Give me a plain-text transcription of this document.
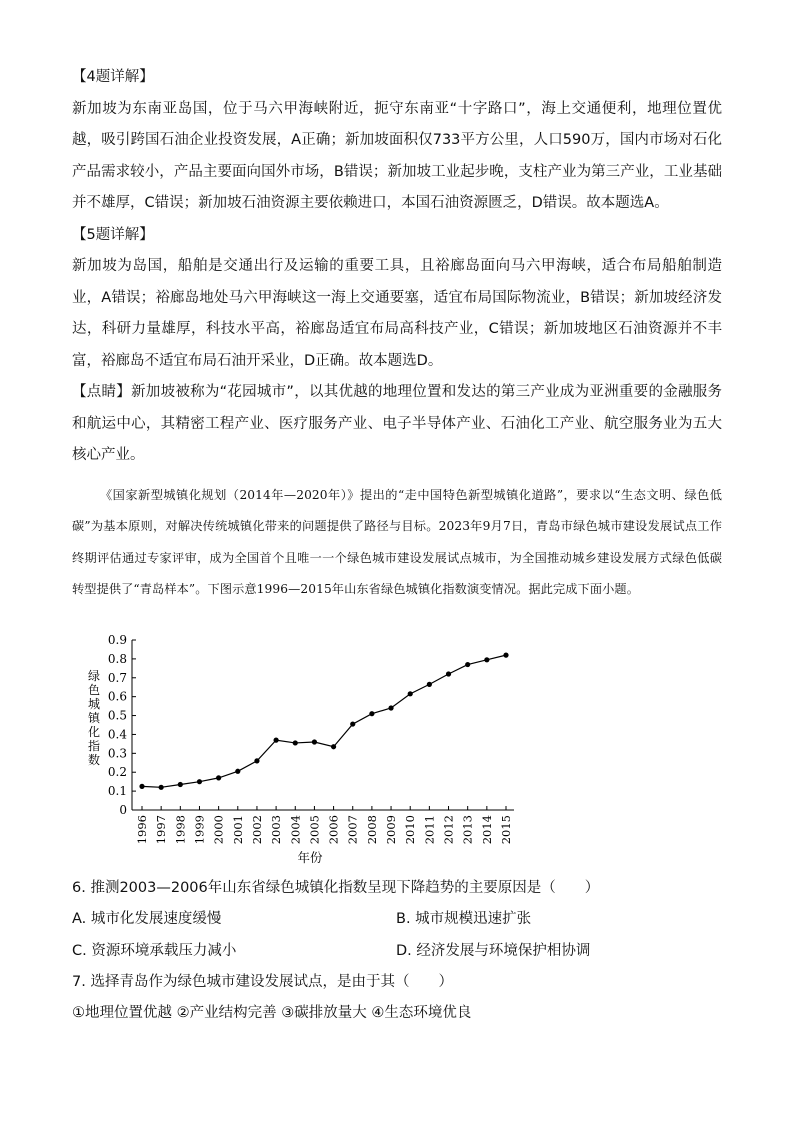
【4题详解】

新加坡为东南亚岛国，位于马六甲海峡附近，扼守东南亚“十字路口”，海上交通便利，地理位置优越，吸引跨国石油企业投资发展，A正确；新加坡面积仅733平方公里，人口590万，国内市场对石化产品需求较小，产品主要面向国外市场，B错误；新加坡工业起步晚，支柱产业为第三产业，工业基础并不雄厚，C错误；新加坡石油资源主要依赖进口，本国石油资源匮乏，D错误。故本题选A。

【5题详解】

新加坡为岛国，船舶是交通出行及运输的重要工具，且裕廊岛面向马六甲海峡，适合布局船舶制造业，A错误；裕廊岛地处马六甲海峡这一海上交通要塞，适宜布局国际物流业，B错误；新加坡经济发达，科研力量雄厚，科技水平高，裕廊岛适宜布局高科技产业，C错误；新加坡地区石油资源并不丰富，裕廊岛不适宜布局石油开采业，D正确。故本题选D。

【点睛】新加坡被称为“花园城市”，以其优越的地理位置和发达的第三产业成为亚洲重要的金融服务和航运中心，其精密工程产业、医疗服务产业、电子半导体产业、石油化工产业、航空服务业为五大核心产业。

《国家新型城镇化规划（2014年—2020年）》提出的“走中国特色新型城镇化道路”，要求以“生态文明、绿色低碳”为基本原则，对解决传统城镇化带来的问题提供了路径与目标。2023年9月7日，青岛市绿色城市建设发展试点工作终期评估通过专家评审，成为全国首个且唯一一个绿色城市建设发展试点城市，为全国推动城乡建设发展方式绿色低碳转型提供了“青岛样本”。下图示意1996—2015年山东省绿色城镇化指数演变情况。据此完成下面小题。

0
0.1
0.2
0.3
0.4
0.5
0.6
0.7
0.8
0.9
1996 1997 1998 1999 2000 2001 2002 2003 2004 2005 2006 2007 2008 2009 2010 2011 2012 2013 2014 2015
绿
色
城
镇
化
指
数
年份
6. 推测2003—2006年山东省绿色城镇化指数呈现下降趋势的主要原因是（　　）
A. 城市化发展速度缓慢	B. 城市规模迅速扩张
C. 资源环境承载压力减小	D. 经济发展与环境保护相协调
7. 选择青岛作为绿色城市建设发展试点，是由于其（　　）
①地理位置优越 ②产业结构完善 ③碳排放量大 ④生态环境优良
